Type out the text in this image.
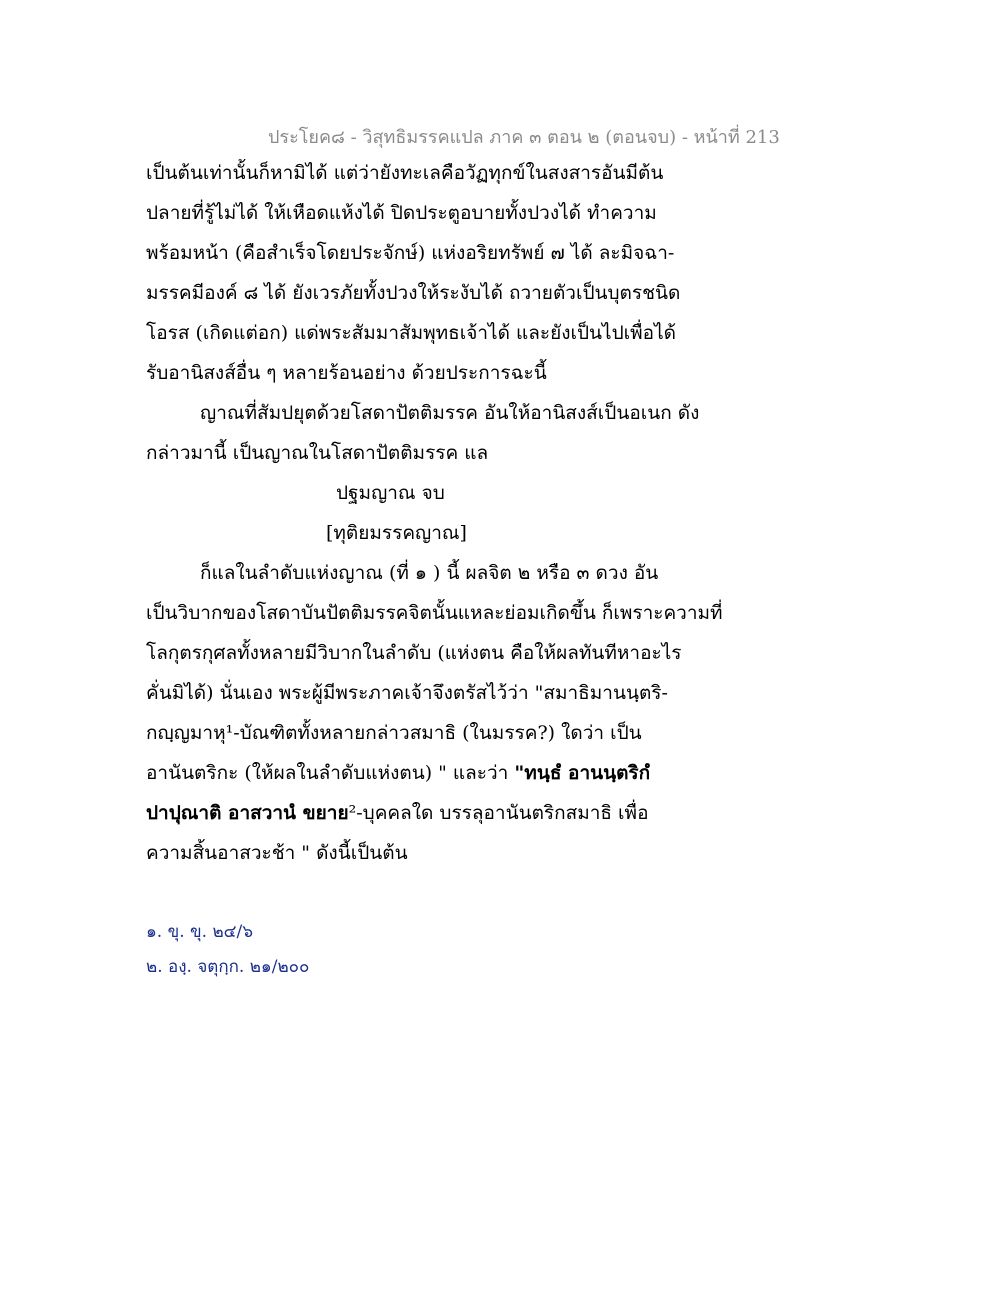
ประโยค๘ - วิสุทธิมรรคแปล ภาค ๓ ตอน ๒ (ตอนจบ) - หน้าที่ 213
เป็นต้นเท่านั้นก็หามิได้ แต่ว่ายังทะเลคือวัฏทุกข์ในสงสารอันมีต้น
ปลายที่รู้ไม่ได้ ให้เหือดแห้งได้ ปิดประตูอบายทั้งปวงได้ ทำความ
พร้อมหน้า (คือสำเร็จโดยประจักษ์) แห่งอริยทรัพย์ ๗ ได้ ละมิจฉา-
มรรคมีองค์ ๘ ได้ ยังเวรภัยทั้งปวงให้ระงับได้ ถวายตัวเป็นบุตรชนิด
โอรส (เกิดแต่อก) แด่พระสัมมาสัมพุทธเจ้าได้ และยังเป็นไปเพื่อได้
รับอานิสงส์อื่น ๆ หลายร้อนอย่าง ด้วยประการฉะนี้
ญาณที่สัมปยุตด้วยโสดาปัตติมรรค อันให้อานิสงส์เป็นอเนก ดัง
กล่าวมานี้ เป็นญาณในโสดาปัตติมรรค แล
ปฐมญาณ จบ
[ทุติยมรรคญาณ]
ก็แลในลำดับแห่งญาณ (ที่ ๑ ) นี้ ผลจิต ๒ หรือ ๓ ดวง อัน
เป็นวิบากของโสดาบันปัตติมรรคจิตนั้นแหละย่อมเกิดขึ้น ก็เพราะความที่
โลกุตรกุศลทั้งหลายมีวิบากในลำดับ (แห่งตน คือให้ผลทันทีหาอะไร
คั่นมิได้) นั่นเอง พระผู้มีพระภาคเจ้าจึงตรัสไว้ว่า "สมาธิมานนฺตริ-
กญฺญมาหุ¹-บัณฑิตทั้งหลายกล่าวสมาธิ (ในมรรค?) ใดว่า เป็น
อานันตริกะ (ให้ผลในลำดับแห่งตน) " และว่า "ทนฺธํ อานนฺตริกํ
ปาปุณาติ อาสวานํ ขยาย²-บุคคลใด บรรลุอานันตริกสมาธิ เพื่อ
ความสิ้นอาสวะช้า " ดังนี้เป็นต้น
๑. ขุ. ขุ. ๒๔/๖
๒. องฺ. จตุกฺก. ๒๑/๒๐๐
